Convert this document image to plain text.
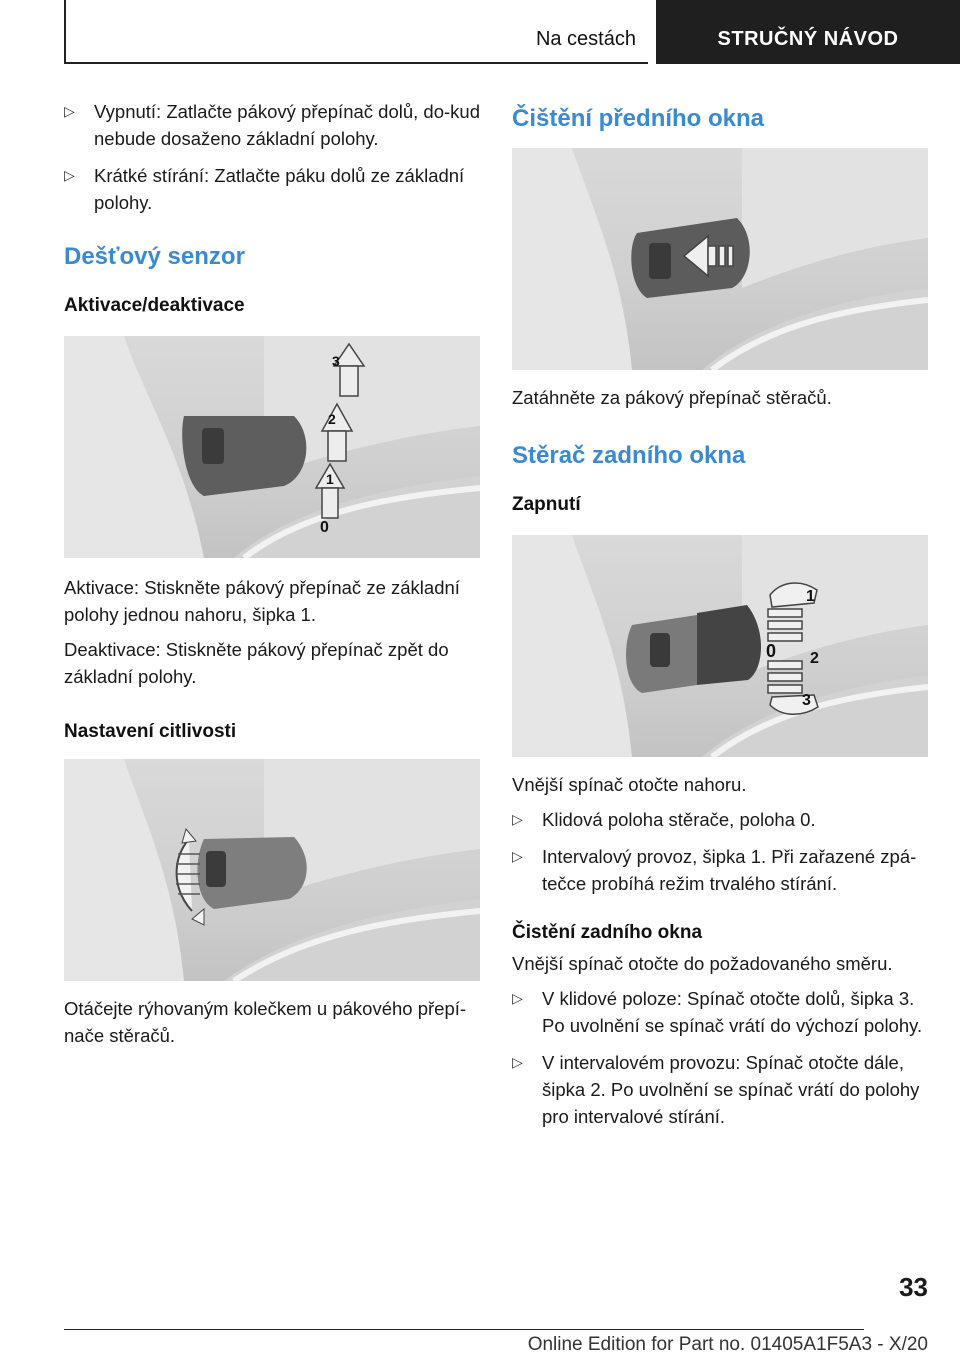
Na cestách	STRUČNÝ NÁVOD
▷	Vypnutí: Zatlačte pákový přepínač dolů, do-kud nebude dosaženo základní polohy.
▷	Krátké stírání: Zatlačte páku dolů ze základní polohy.
Dešťový senzor
Aktivace/deaktivace
3
2
1
0

Aktivace: Stiskněte pákový přepínač ze základní polohy jednou nahoru, šipka 1.

Deaktivace: Stiskněte pákový přepínač zpět do základní polohy.

Nastavení citlivosti

Otáčejte rýhovaným kolečkem u pákového přepí-nače stěračů.

Čištění předního okna

Zatáhněte za pákový přepínač stěračů.

Stěrač zadního okna
Zapnutí
1
0 2
3

Vnější spínač otočte nahoru.

▷	Klidová poloha stěrače, poloha 0.
▷	Intervalový provoz, šipka 1. Při zařazené zpá-tečce probíhá režim trvalého stírání.
Čistění zadního okna

Vnější spínač otočte do požadovaného směru.

▷	V klidové poloze: Spínač otočte dolů, šipka 3. Po uvolnění se spínač vrátí do výchozí polohy.
▷	V intervalovém provozu: Spínač otočte dále, šipka 2. Po uvolnění se spínač vrátí do polohy pro intervalové stírání.
33
Online Edition for Part no. 01405A1F5A3 - X/20
